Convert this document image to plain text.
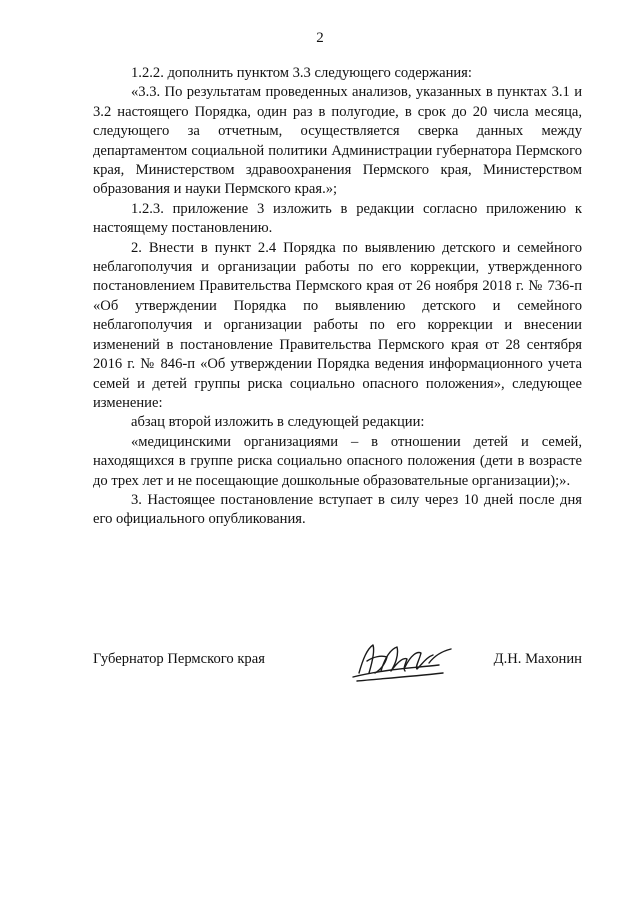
2

1.2.2. дополнить пунктом 3.3 следующего содержания:

«3.3. По результатам проведенных анализов, указанных в пунктах 3.1 и 3.2 настоящего Порядка, один раз в полугодие, в срок до 20 числа месяца, следующего за отчетным, осуществляется сверка данных между департаментом социальной политики Администрации губернатора Пермского края, Министерством здравоохранения Пермского края, Министерством образования и науки Пермского края.»;

1.2.3. приложение 3 изложить в редакции согласно приложению к настоящему постановлению.

2. Внести в пункт 2.4 Порядка по выявлению детского и семейного неблагополучия и организации работы по его коррекции, утвержденного постановлением Правительства Пермского края от 26 ноября 2018 г. № 736-п «Об утверждении Порядка по выявлению детского и семейного неблагополучия и организации работы по его коррекции и внесении изменений в постановление Правительства Пермского края от 28 сентября 2016 г. № 846-п «Об утверждении Порядка ведения информационного учета семей и детей группы риска социально опасного положения», следующее изменение:

абзац второй изложить в следующей редакции:

«медицинскими организациями – в отношении детей и семей, находящихся в группе риска социально опасного положения (дети в возрасте до трех лет и не посещающие дошкольные образовательные организации);».

3. Настоящее постановление вступает в силу через 10 дней после дня его официального опубликования.

Губернатор Пермского края	Д.Н. Махонин
